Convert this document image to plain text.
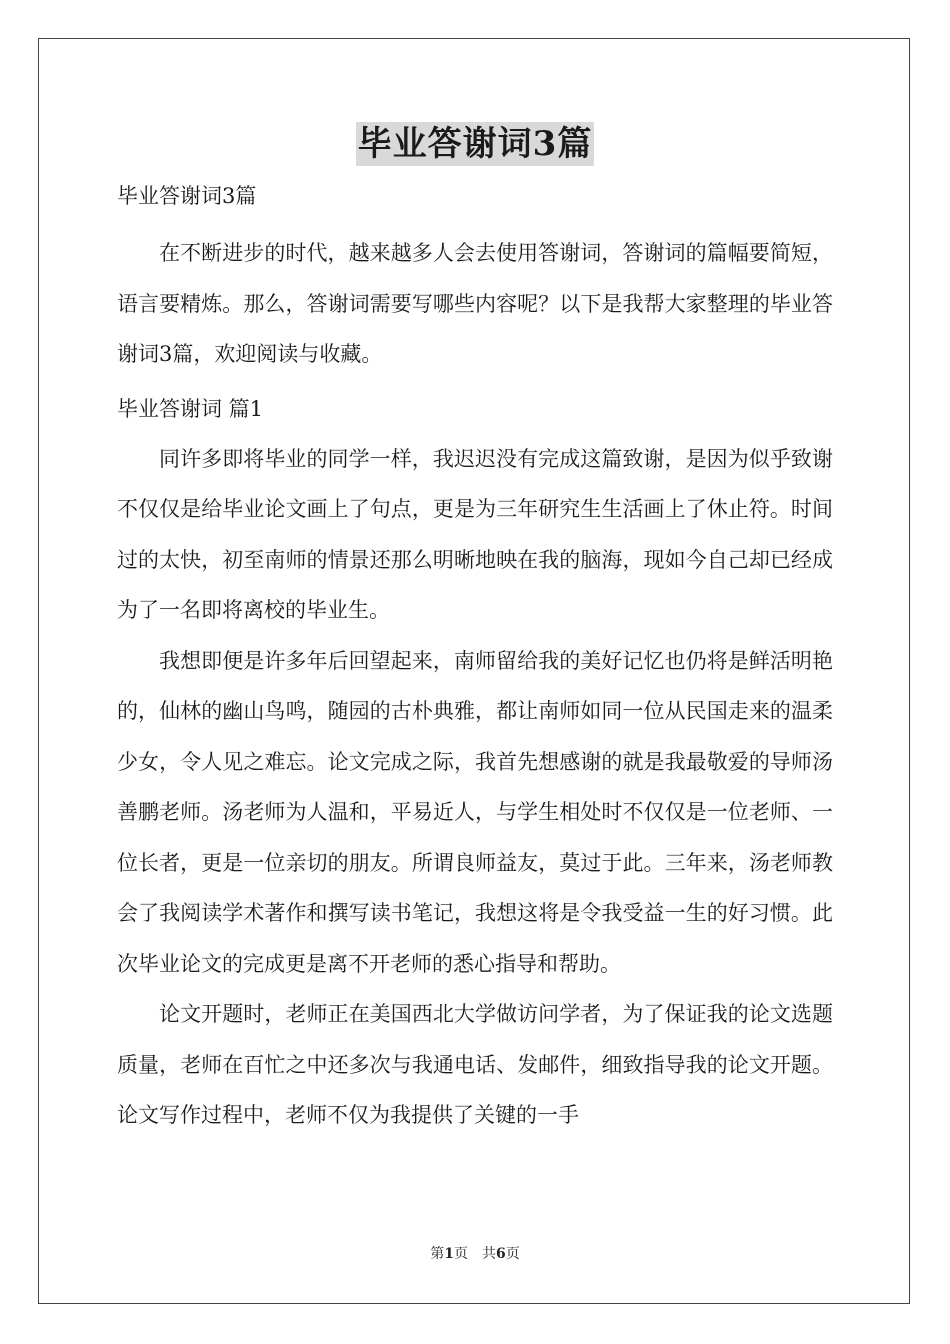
毕业答谢词3篇

毕业答谢词3篇

在不断进步的时代，越来越多人会去使用答谢词，答谢词的篇幅要简短，语言要精炼。那么，答谢词需要写哪些内容呢？以下是我帮大家整理的毕业答谢词3篇，欢迎阅读与收藏。

毕业答谢词 篇1

同许多即将毕业的同学一样，我迟迟没有完成这篇致谢，是因为似乎致谢不仅仅是给毕业论文画上了句点，更是为三年研究生生活画上了休止符。时间过的太快，初至南师的情景还那么明晰地映在我的脑海，现如今自己却已经成为了一名即将离校的毕业生。

我想即便是许多年后回望起来，南师留给我的美好记忆也仍将是鲜活明艳的，仙林的幽山鸟鸣，随园的古朴典雅，都让南师如同一位从民国走来的温柔少女，令人见之难忘。论文完成之际，我首先想感谢的就是我最敬爱的导师汤善鹏老师。汤老师为人温和，平易近人，与学生相处时不仅仅是一位老师、一位长者，更是一位亲切的朋友。所谓良师益友，莫过于此。三年来，汤老师教会了我阅读学术著作和撰写读书笔记，我想这将是令我受益一生的好习惯。此次毕业论文的完成更是离不开老师的悉心指导和帮助。

论文开题时，老师正在美国西北大学做访问学者，为了保证我的论文选题质量，老师在百忙之中还多次与我通电话、发邮件，细致指导我的论文开题。论文写作过程中，老师不仅为我提供了关键的一手

第1页 共6页
